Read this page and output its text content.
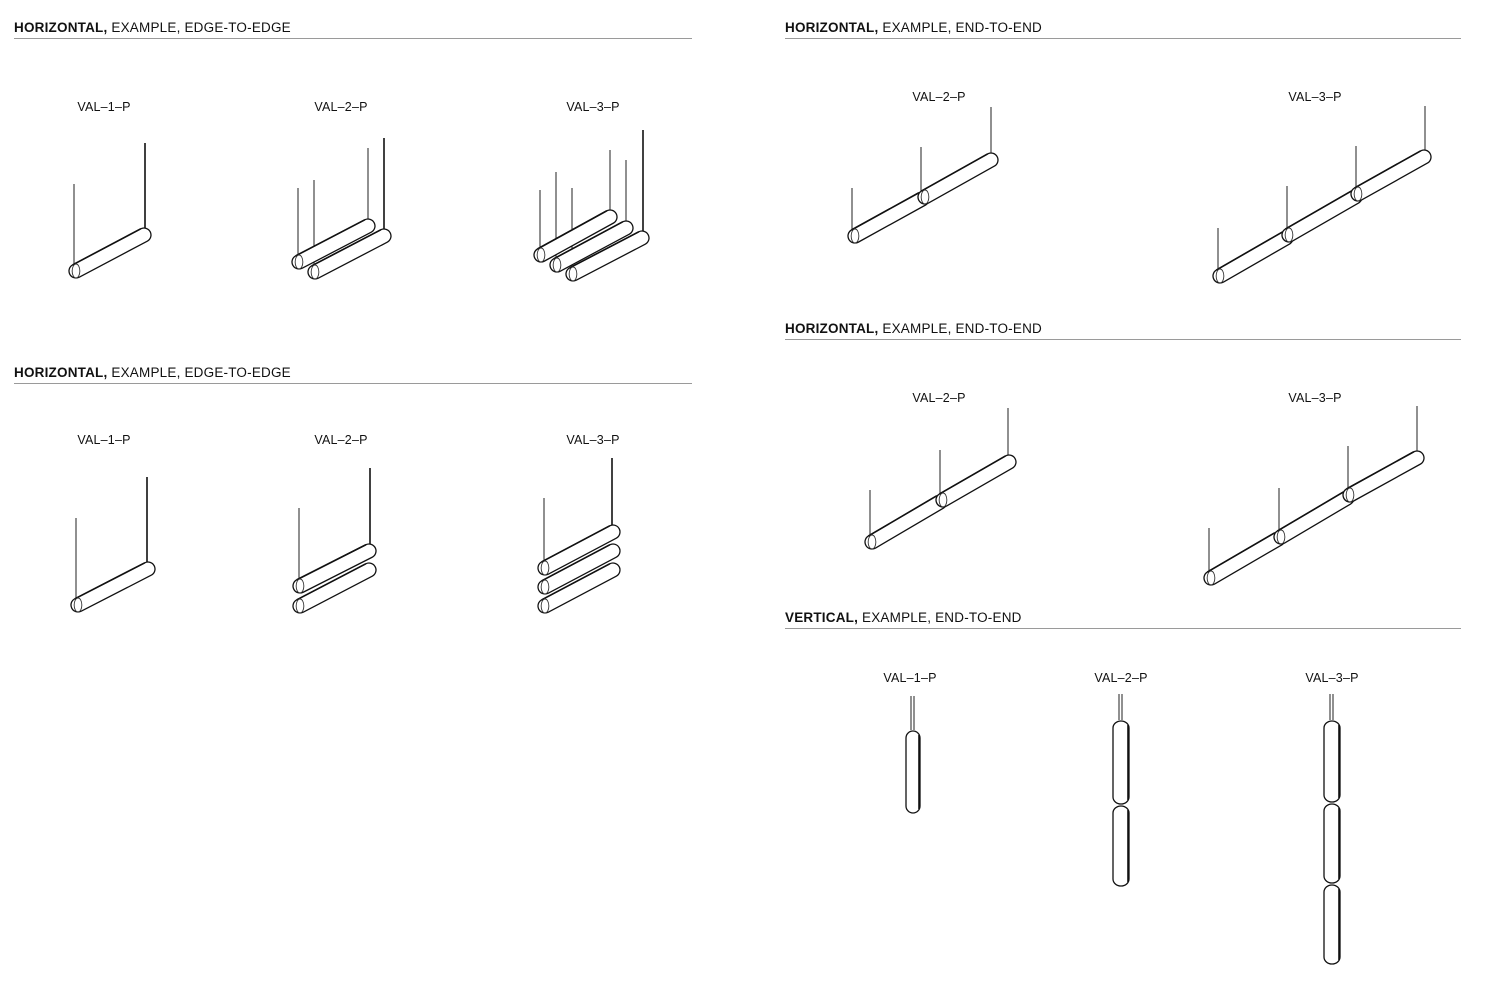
HORIZONTAL, EXAMPLE, EDGE-TO-EDGE
HORIZONTAL, EXAMPLE, EDGE-TO-EDGE
HORIZONTAL, EXAMPLE, END-TO-END
HORIZONTAL, EXAMPLE, END-TO-END
VERTICAL, EXAMPLE, END-TO-END
VAL–1–P	VAL–2–P	VAL–3–P
VAL–1–P	VAL–2–P	VAL–3–P
VAL–2–P	VAL–3–P
VAL–2–P	VAL–3–P
VAL–1–P	VAL–2–P	VAL–3–P
